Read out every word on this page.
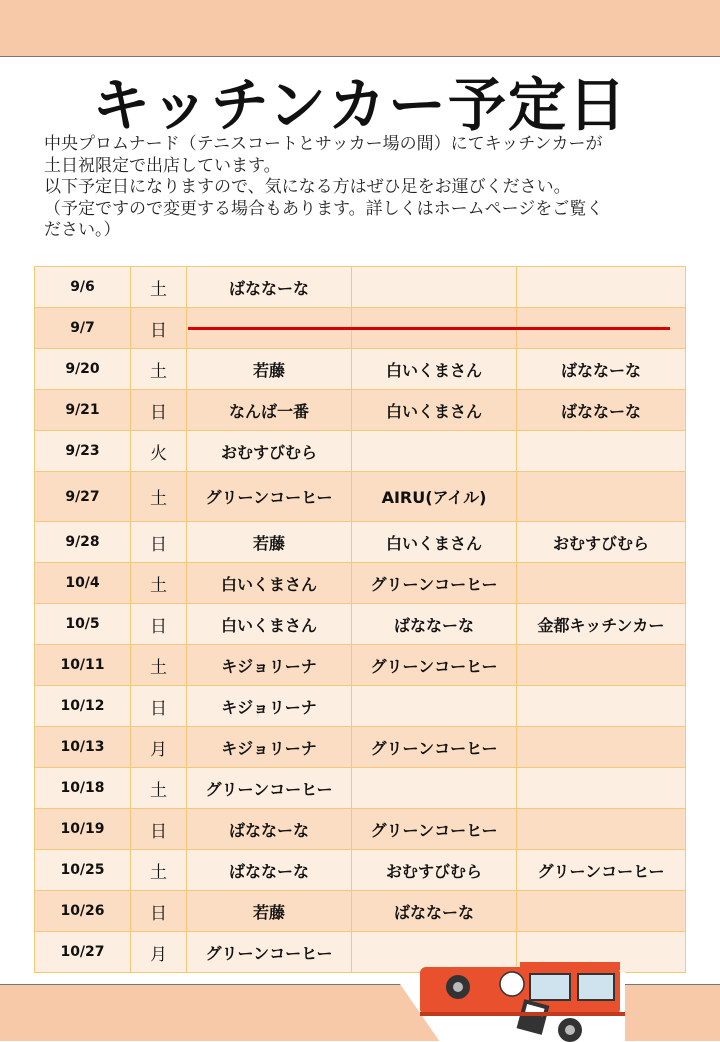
キッチンカー予定日
中央プロムナード（テニスコートとサッカー場の間）にてキッチンカーが
土日祝限定で出店しています。
以下予定日になりますので、気になる方はぜひ足をお運びください。
（予定ですので変更する場合もあります。詳しくはホームページをご覧く
ださい。）
9/6	土	ばななーな		
9/7	日			
9/20	土	若藤	白いくまさん	ばななーな
9/21	日	なんば一番	白いくまさん	ばななーな
9/23	火	おむすびむら		
9/27	土	グリーンコーヒー	AIRU(アイル)	
9/28	日	若藤	白いくまさん	おむすびむら
10/4	土	白いくまさん	グリーンコーヒー	
10/5	日	白いくまさん	ばななーな	金都キッチンカー
10/11	土	キジョリーナ	グリーンコーヒー	
10/12	日	キジョリーナ		
10/13	月	キジョリーナ	グリーンコーヒー	
10/18	土	グリーンコーヒー		
10/19	日	ばななーな	グリーンコーヒー	
10/25	土	ばななーな	おむすびむら	グリーンコーヒー
10/26	日	若藤	ばななーな	
10/27	月	グリーンコーヒー		
